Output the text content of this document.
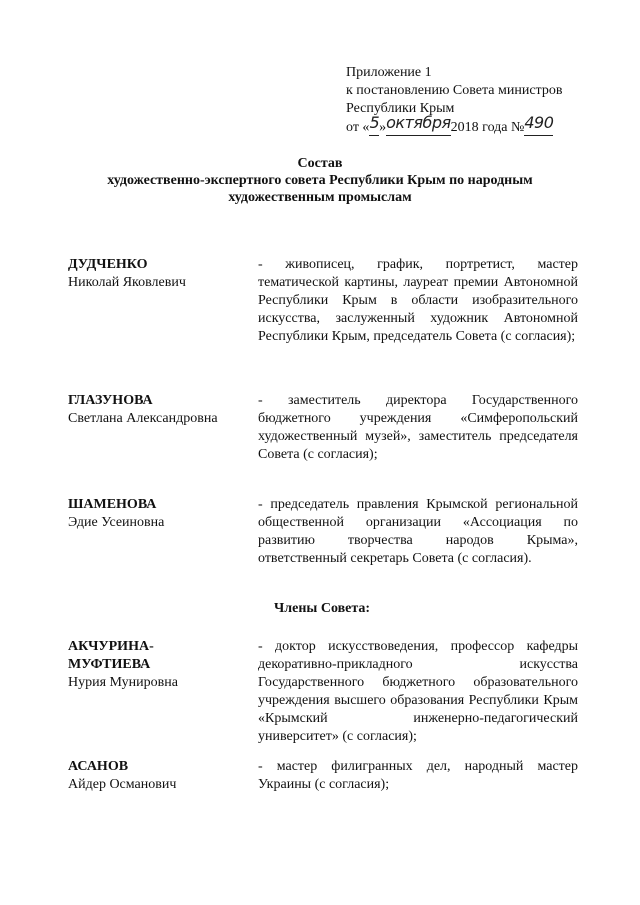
Приложение 1
к постановлению Совета министров
Республики Крым
от «5»октября2018 года №490
Состав
художественно-экспертного совета Республики Крым по народным
художественным промыслам
ДУДЧЕНКО
Николай Яковлевич
- живописец, график, портретист, мастер тематической картины, лауреат премии Автономной Республики Крым в области изобразительного искусства, заслуженный художник Автономной Республики Крым, председатель Совета (с согласия);
ГЛАЗУНОВА
Светлана Александровна
- заместитель директора Государственного бюджетного учреждения «Симферопольский художественный музей», заместитель председателя Совета (с согласия);
ШАМЕНОВА
Эдие Усеиновна
- председатель правления Крымской региональной общественной организации «Ассоциация по развитию творчества народов Крыма», ответственный секретарь Совета (с согласия).
Члены Совета:
АКЧУРИНА-
МУФТИЕВА
Нурия Мунировна
- доктор искусствоведения, профессор кафедры декоративно-прикладного искусства Государственного бюджетного образовательного учреждения высшего образования Республики Крым «Крымский инженерно-педагогический университет» (с согласия);
АСАНОВ
Айдер Османович
- мастер филигранных дел, народный мастер Украины (с согласия);
